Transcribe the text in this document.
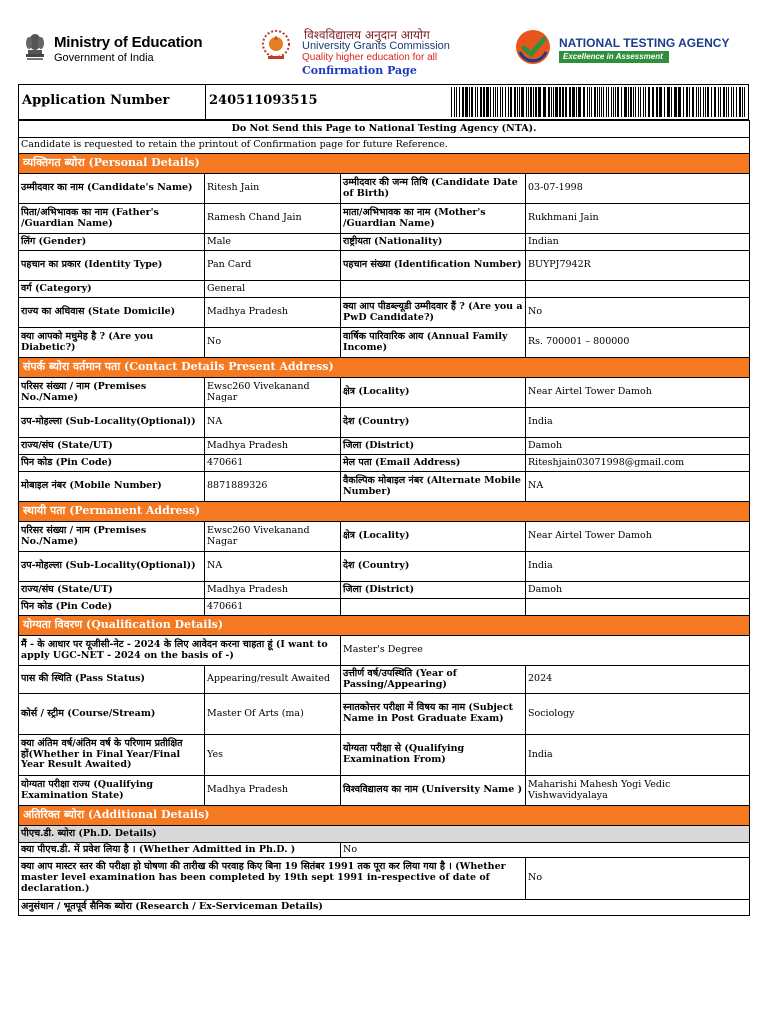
Ministry of Education
Government of India
विश्वविद्यालय अनुदान आयोग
University Grants Commission
Quality higher education for all
Confirmation Page
NATIONAL TESTING AGENCY
Excellence in Assessment
Application Number	240511093515
Do Not Send this Page to National Testing Agency (NTA).			
Candidate is requested to retain the printout of Confirmation page for future Reference.			
व्यक्तिगत ब्योरा (Personal Details)			
उम्मीदवार का नाम (Candidate's Name)	Ritesh Jain	उम्मीदवार की जन्म तिथि (Candidate Date of Birth)	03-07-1998
पिता/अभिभावक का नाम (Father's /Guardian Name)	Ramesh Chand Jain	माता/अभिभावक का नाम (Mother's /Guardian Name)	Rukhmani Jain
लिंग (Gender)	Male	राष्ट्रीयता (Nationality)	Indian
पहचान का प्रकार (Identity Type)	Pan Card	पहचान संख्या (Identification Number)	BUYPJ7942R
वर्ग (Category)	General		
राज्य का अधिवास (State Domicile)	Madhya Pradesh	क्या आप पीडब्ल्यूडी उम्मीदवार हैं ? (Are you a PwD Candidate?)	No
क्या आपको मधुमेह है ? (Are you Diabetic?)	No	वार्षिक पारिवारिक आय (Annual Family Income)	Rs. 700001 – 800000
संपर्क ब्योरा वर्तमान पता (Contact Details Present Address)			
परिसर संख्या / नाम (Premises No./Name)	Ewsc260 Vivekanand Nagar	क्षेत्र (Locality)	Near Airtel Tower Damoh
उप-मोहल्ला (Sub-Locality(Optional))	NA	देश (Country)	India
राज्य/संघ (State/UT)	Madhya Pradesh	जिला (District)	Damoh
पिन कोड (Pin Code)	470661	मेल पता (Email Address)	Riteshjain03071998@gmail.com
मोबाइल नंबर (Mobile Number)	8871889326	वैकल्पिक मोबाइल नंबर (Alternate Mobile Number)	NA
स्थायी पता (Permanent Address)			
परिसर संख्या / नाम (Premises No./Name)	Ewsc260 Vivekanand Nagar	क्षेत्र (Locality)	Near Airtel Tower Damoh
उप-मोहल्ला (Sub-Locality(Optional))	NA	देश (Country)	India
राज्य/संघ (State/UT)	Madhya Pradesh	जिला (District)	Damoh
पिन कोड (Pin Code)	470661		
योग्यता विवरण (Qualification Details)			
मैं - के आधार पर यूजीसी-नेट - 2024 के लिए आवेदन करना चाहता हूं (I want to apply UGC-NET - 2024 on the basis of -)		Master's Degree	
पास की स्थिति (Pass Status)	Appearing/result Awaited	उत्तीर्ण वर्ष/उपस्थिति (Year of Passing/Appearing)	2024
कोर्स / स्ट्रीम (Course/Stream)	Master Of Arts (ma)	स्नातकोत्तर परीक्षा में विषय का नाम (Subject Name in Post Graduate Exam)	Sociology
क्या अंतिम वर्ष/अंतिम वर्ष के परिणाम प्रतीक्षित हों(Whether in Final Year/Final Year Result Awaited)	Yes	योग्यता परीक्षा से (Qualifying Examination From)	India
योग्यता परीक्षा राज्य (Qualifying Examination State)	Madhya Pradesh	विश्वविद्यालय का नाम (University Name )	Maharishi Mahesh Yogi Vedic Vishwavidyalaya
अतिरिक्त ब्योरा (Additional Details)			
पीएच.डी. ब्योरा (Ph.D. Details)			
क्या पीएच.डी. में प्रवेश लिया है । (Whether Admitted in Ph.D. )		No	
क्या आप मास्टर स्तर की परीक्षा हो घोषणा की तारीख की परवाह किए बिना 19 सितंबर 1991 तक पूरा कर लिया गया है । (Whether master level examination has been completed by 19th sept 1991 in-respective of date of declaration.)			No
अनुसंधान / भूतपूर्व सैनिक ब्योरा (Research / Ex-Serviceman Details)			
